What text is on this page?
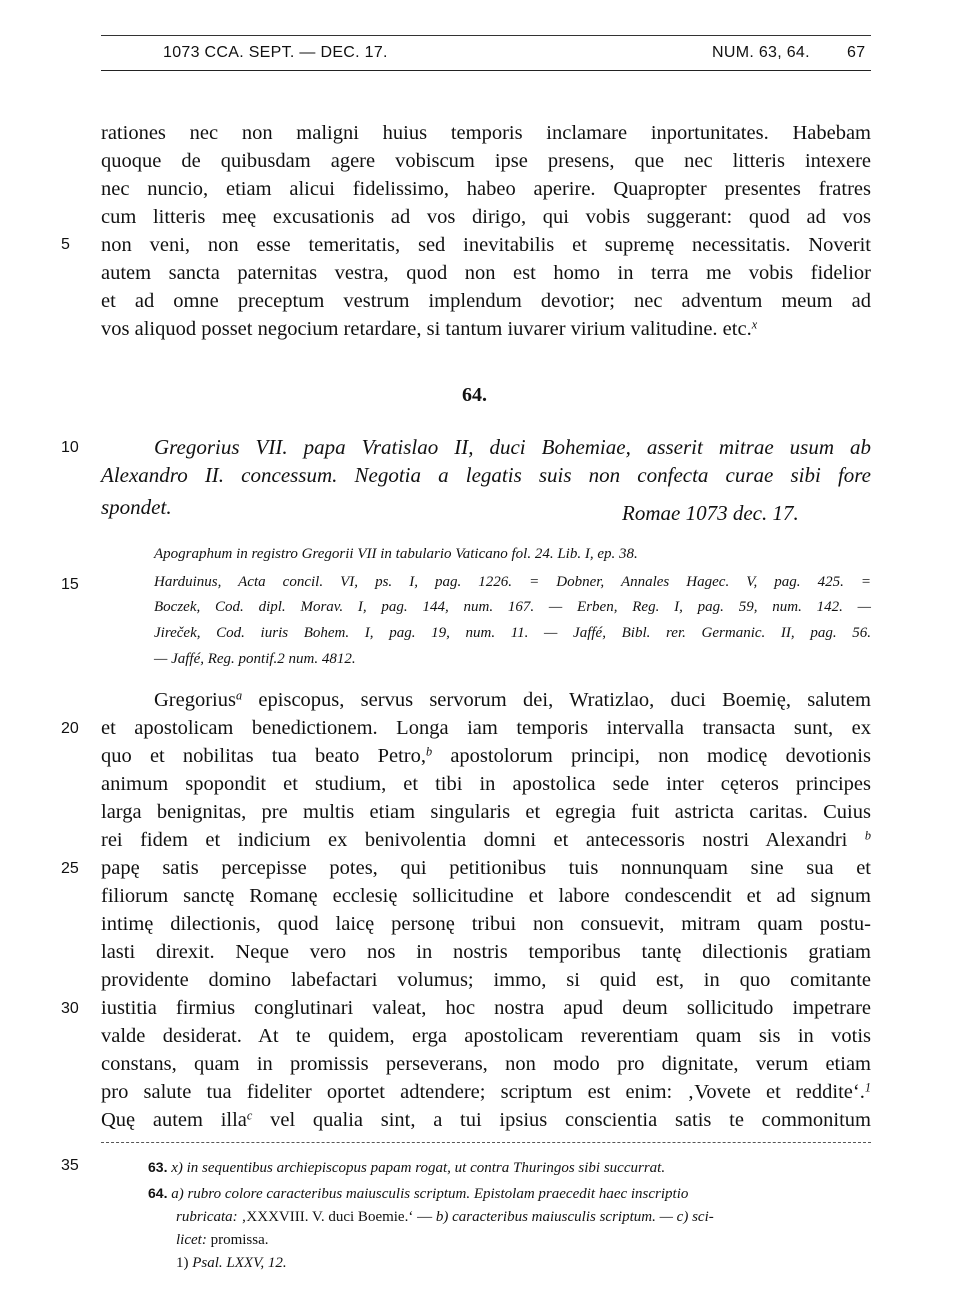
1073 CCA. SEPT. — DEC. 17.	NUM. 63, 64.	67
rationes nec non maligni huius temporis inclamare inportunitates. Habebam
quoque de quibusdam agere vobiscum ipse presens, que nec litteris intexere
nec nuncio, etiam alicui fidelissimo, habeo aperire. Quapropter presentes fratres
cum litteris meę excusationis ad vos dirigo, qui vobis suggerant: quod ad vos
non veni, non esse temeritatis, sed inevitabilis et supremę necessitatis. Noverit
autem sancta paternitas vestra, quod non est homo in terra me vobis fidelior
et ad omne preceptum vestrum implendum devotior; nec adventum meum ad
vos aliquod posset negocium retardare, si tantum iuvarer virium valitudine. etc.$^x$
64.
Gregorius VII. papa Vratislao II, duci Bohemiae, asserit mitrae usum ab
Alexandro II. concessum. Negotia a legatis suis non confecta curae sibi fore
spondet.	Romae 1073 dec. 17.
Apographum in registro Gregorii VII in tabulario Vaticano fol. 24. Lib. I, ep. 38.
Harduinus, Acta concil. VI, ps. I, pag. 1226. = Dobner, Annales Hagec. V, pag. 425. =
Boczek, Cod. dipl. Morav. I, pag. 144, num. 167. — Erben, Reg. I, pag. 59, num. 142. —
Jireček, Cod. iuris Bohem. I, pag. 19, num. 11. — Jaffé, Bibl. rer. Germanic. II, pag. 56.
— Jaffé, Reg. pontif.2 num. 4812.
Gregorius$^a$ episcopus, servus servorum dei, Wratizlao, duci Boemię, salutem
et apostolicam benedictionem. Longa iam temporis intervalla transacta sunt, ex
quo et nobilitas tua beato Petro,$^b$ apostolorum principi, non modicę devotionis
animum spopondit et studium, et tibi in apostolica sede inter cęteros principes
larga benignitas, pre multis etiam singularis et egregia fuit astricta caritas. Cuius
rei fidem et indicium ex benivolentia domni et antecessoris nostri Alexandri $^b$
papę satis percepisse potes, qui petitionibus tuis nonnunquam sine sua et
filiorum sanctę Romanę ecclesię sollicitudine et labore condescendit et ad signum
intimę dilectionis, quod laicę personę tribui non consuevit, mitram quam postu-
lasti direxit. Neque vero nos in nostris temporibus tantę dilectionis gratiam
providente domino labefactari volumus; immo, si quid est, in quo comitante
iustitia firmius conglutinari valeat, hoc nostra apud deum sollicitudo impetrare
valde desiderat. At te quidem, erga apostolicam reverentiam quam sis in votis
constans, quam in promissis perseverans, non modo pro dignitate, verum etiam
pro salute tua fideliter oportet adtendere; scriptum est enim: ‚Vovete et reddite‘.$^1$
Quę autem illa$^c$ vel qualia sint, a tui ipsius conscientia satis te commonitum
5
10
15
20
25
30
35	63. x) in sequentibus archiepiscopus papam rogat, ut contra Thuringos sibi succurrat.
64. a) rubro colore caracteribus maiusculis scriptum. Epistolam praecedit haec inscriptio
rubricata: ‚XXXVIII. V. duci Boemie.‘ — b) caracteribus maiusculis scriptum. — c) sci-
licet: promissa.
1) Psal. LXXV, 12.
